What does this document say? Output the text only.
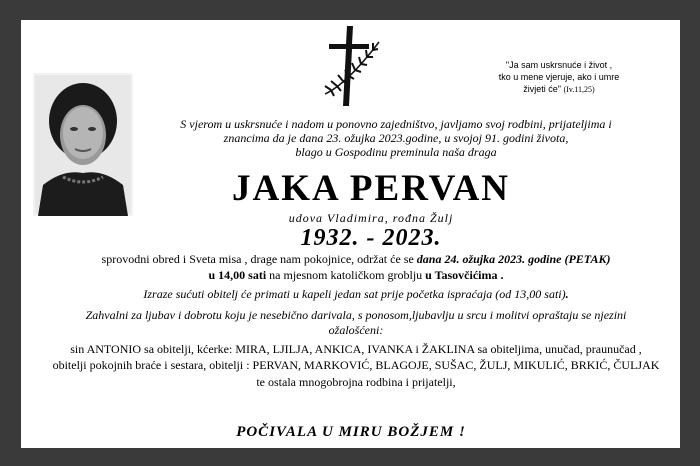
"Ja sam uskrsnuće i život ,
tko u mene vjeruje, ako i umre
živjeti će" (Iv.11,25)
S vjerom u uskrsnuće i nadom u ponovno zajedništvo, javljamo svoj rodbini, prijateljima i
znancima da je dana 23. ožujka 2023.godine, u svojoj 91. godini života,
blago u Gospodinu preminula naša draga
JAKA PERVAN
udova Vladimira, rođna Žulj
1932. - 2023.
sprovodni obred i Sveta misa , drage nam pokojnice, održat će se dana 24. ožujka 2023. godine (PETAK)
u 14,00 sati na mjesnom katoličkom groblju u Tasovčićima .
Izraze sućuti obitelj će primati u kapeli jedan sat prije početka ispraćaja (od 13,00 sati).
Zahvalni za ljubav i dobrotu koju je nesebično darivala, s ponosom,ljubavlju u srcu i molitvi opraštaju se njezini
ožalošćeni:
sin ANTONIO sa obitelji, kćerke: MIRA, LJILJA, ANKICA, IVANKA i ŽAKLINA sa obiteljima, unučad, praunučad ,
obitelji pokojnih braće i sestara, obitelji : PERVAN, MARKOVIĆ, BLAGOJE, SUŠAC, ŽULJ, MIKULIĆ, BRKIĆ, ČULJAK
te ostala mnogobrojna rodbina i prijatelji,
POČIVALA U MIRU BOŽJEM !
